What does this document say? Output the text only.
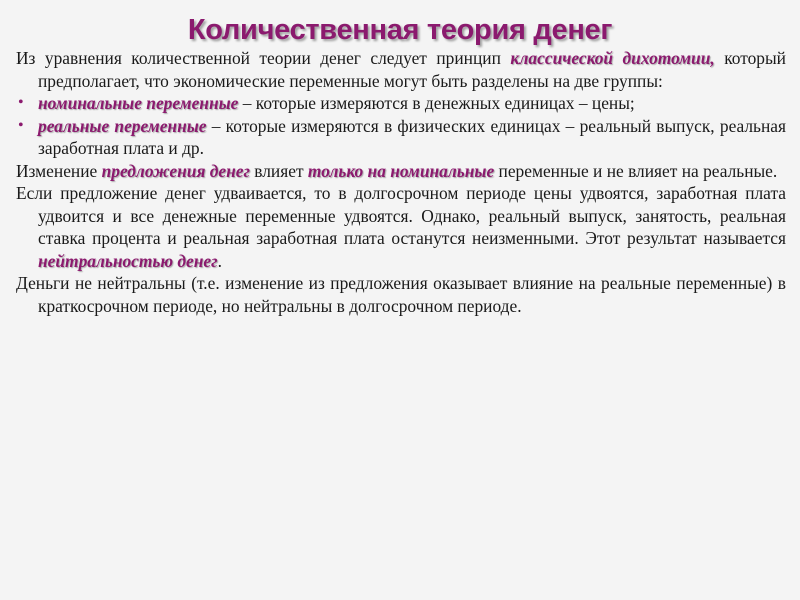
Количественная теория денег

Из уравнения количественной теории денег следует принцип классической дихотомии, который предполагает, что экономические переменные могут быть разделены на две группы:

• номинальные переменные – которые измеряются в денежных единицах – цены;
• реальные переменные – которые измеряются в физических единицах – реальный выпуск, реальная заработная плата и др.

Изменение предложения денег влияет только на номинальные переменные и не влияет на реальные.

Если предложение денег удваивается, то в долгосрочном периоде цены удвоятся, заработная плата удвоится и все денежные переменные удвоятся. Однако, реальный выпуск, занятость, реальная ставка процента и реальная заработная плата останутся неизменными. Этот результат называется нейтральностью денег.

Деньги не нейтральны (т.е. изменение из предложения оказывает влияние на реальные переменные) в краткосрочном периоде, но нейтральны в долгосрочном периоде.
